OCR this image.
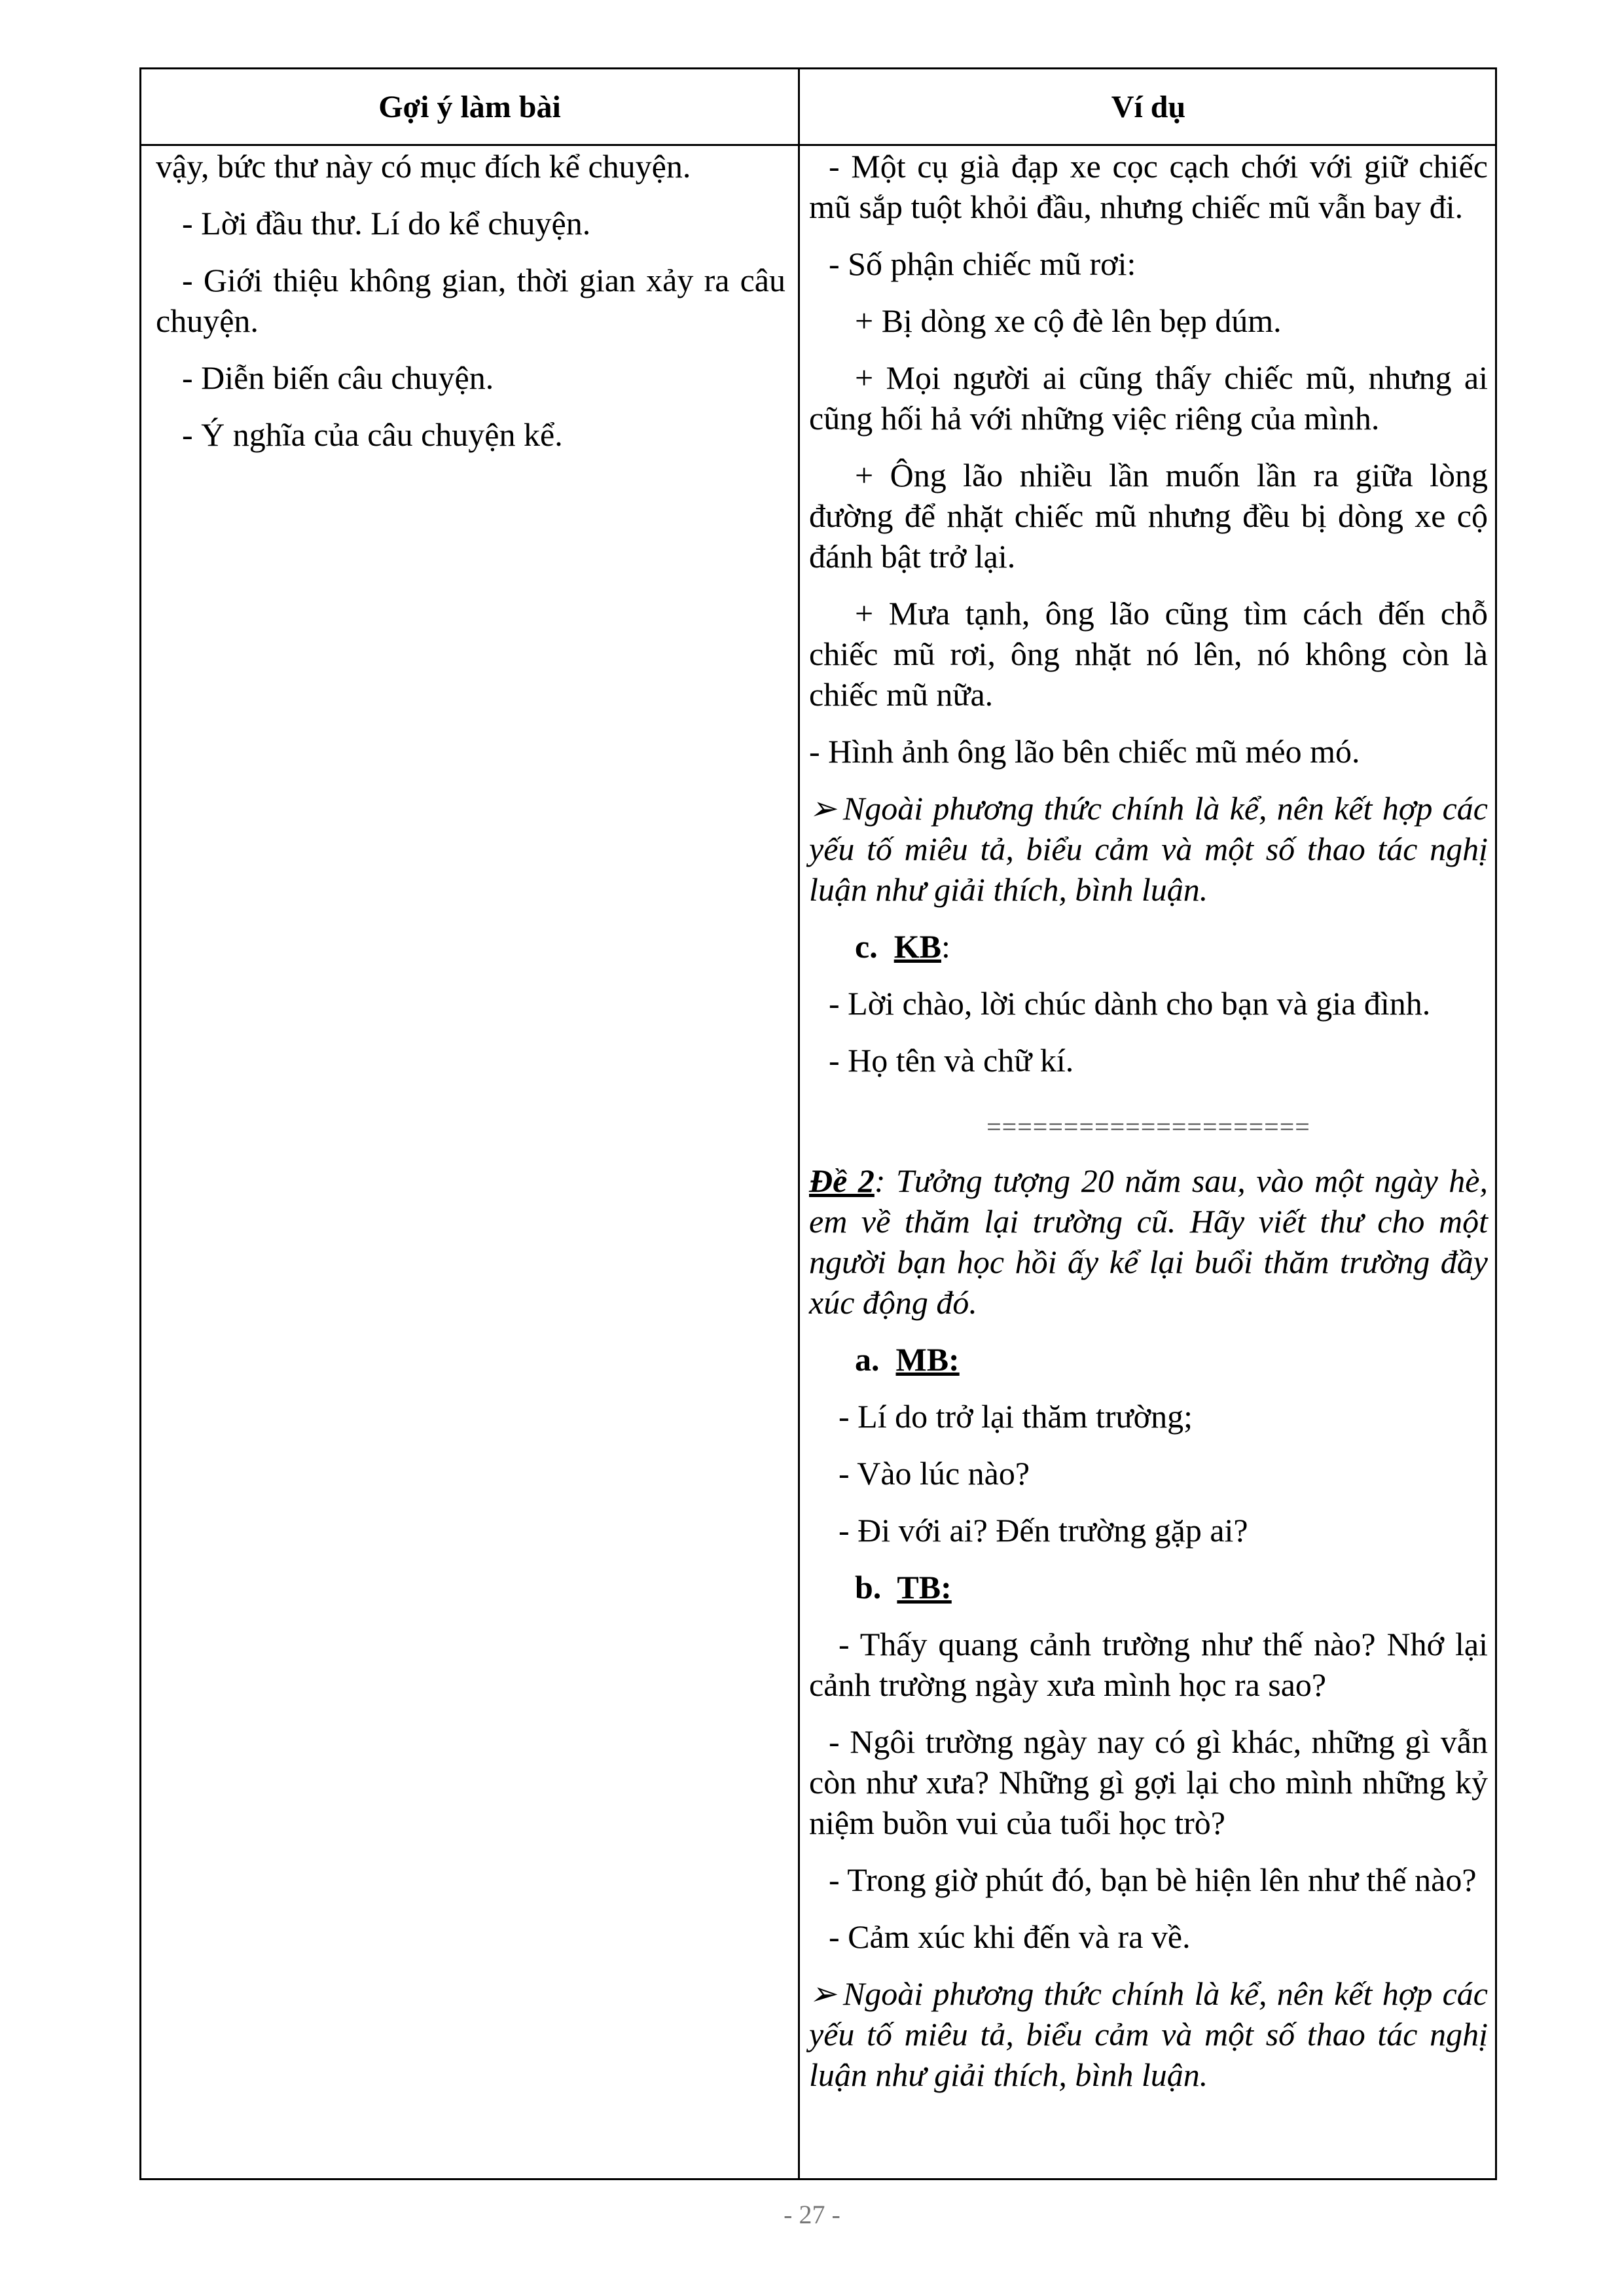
Gợi ý làm bài	Ví dụ

vậy, bức thư này có mục đích kể chuyện.

- Lời đầu thư. Lí do kể chuyện.

- Giới thiệu không gian, thời gian xảy ra câu chuyện.

- Diễn biến câu chuyện.

- Ý nghĩa của câu chuyện kể.

- Một cụ già đạp xe cọc cạch chới với giữ chiếc mũ sắp tuột khỏi đầu, nhưng chiếc mũ vẫn bay đi.

- Số phận chiếc mũ rơi:

+ Bị dòng xe cộ đè lên bẹp dúm.

+ Mọi người ai cũng thấy chiếc mũ, nhưng ai cũng hối hả với những việc riêng của mình.

+ Ông lão nhiều lần muốn lần ra giữa lòng đường để nhặt chiếc mũ nhưng đều bị dòng xe cộ đánh bật trở lại.

+ Mưa tạnh, ông lão cũng tìm cách đến chỗ chiếc mũ rơi, ông nhặt nó lên, nó không còn là chiếc mũ nữa.

- Hình ảnh ông lão bên chiếc mũ méo mó.

➢ Ngoài phương thức chính là kể, nên kết hợp các yếu tố miêu tả, biểu cảm và một số thao tác nghị luận như giải thích, bình luận.

c. KB:

- Lời chào, lời chúc dành cho bạn và gia đình.

- Họ tên và chữ kí.

=====================

Đề 2: Tưởng tượng 20 năm sau, vào một ngày hè, em về thăm lại trường cũ. Hãy viết thư cho một người bạn học hồi ấy kể lại buổi thăm trường đầy xúc động đó.

a. MB:

- Lí do trở lại thăm trường;

- Vào lúc nào?

- Đi với ai? Đến trường gặp ai?

b. TB:

- Thấy quang cảnh trường như thế nào? Nhớ lại cảnh trường ngày xưa mình học ra sao?

- Ngôi trường ngày nay có gì khác, những gì vẫn còn như xưa? Những gì gợi lại cho mình những kỷ niệm buồn vui của tuổi học trò?

- Trong giờ phút đó, bạn bè hiện lên như thế nào?

- Cảm xúc khi đến và ra về.

➢ Ngoài phương thức chính là kể, nên kết hợp các yếu tố miêu tả, biểu cảm và một số thao tác nghị luận như giải thích, bình luận.

- 27 -
